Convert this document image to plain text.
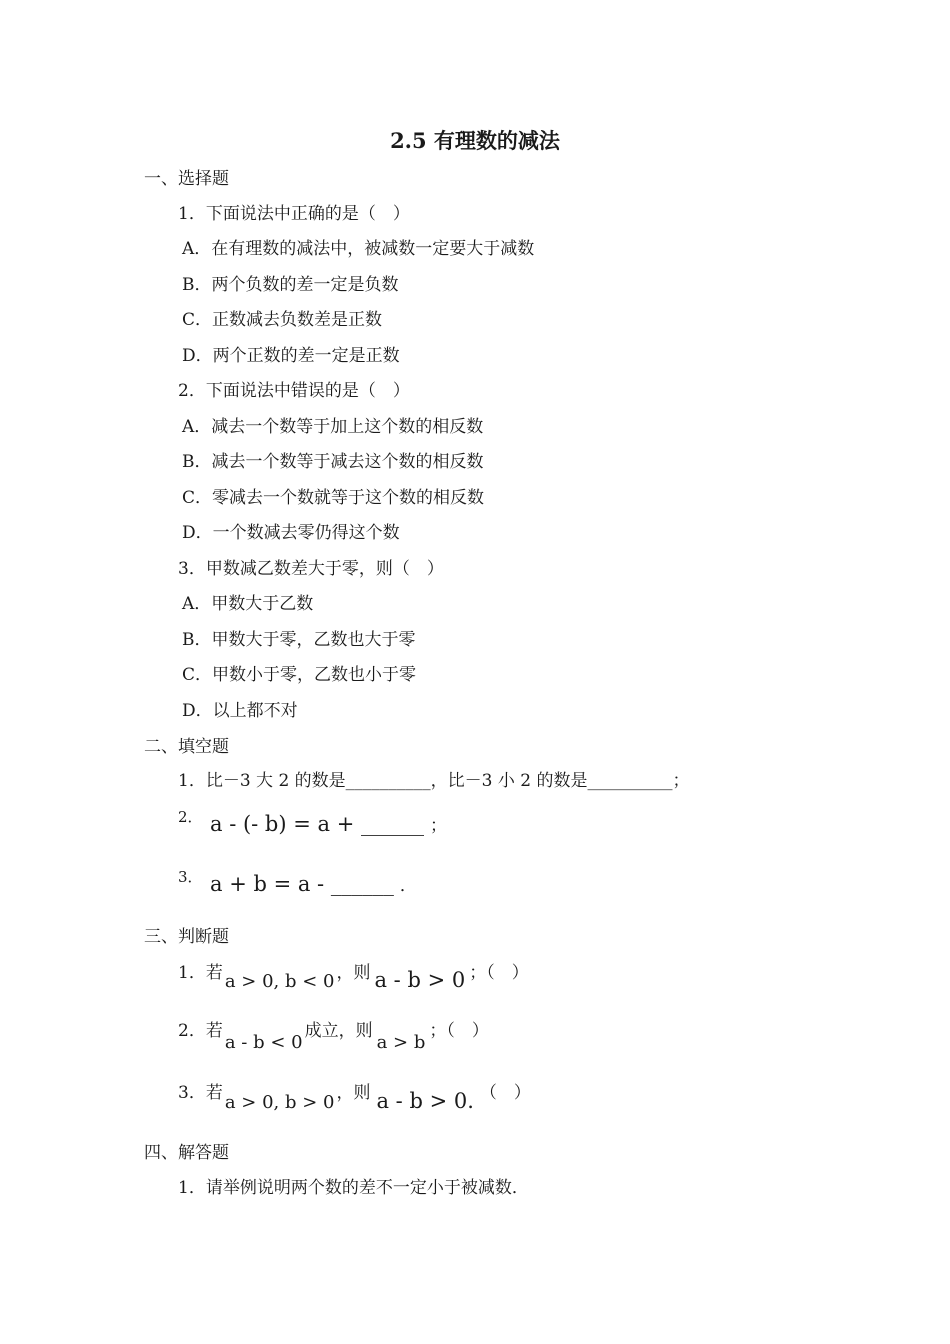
2.5 有理数的减法
一、选择题
1．下面说法中正确的是（　）
A．在有理数的减法中，被减数一定要大于减数
B．两个负数的差一定是负数
C．正数减去负数差是正数
D．两个正数的差一定是正数
2．下面说法中错误的是（　）
A．减去一个数等于加上这个数的相反数
B．减去一个数等于减去这个数的相反数
C．零减去一个数就等于这个数的相反数
D．一个数减去零仍得这个数
3．甲数减乙数差大于零，则（　）
A．甲数大于乙数
B．甲数大于零，乙数也大于零
C．甲数小于零，乙数也小于零
D．以上都不对
二、填空题
1．比－3 大 2 的数是__________，比－3 小 2 的数是__________；
2． a - (- b) = a + ______ ；
3． a + b = a - ______ ．
三、判断题
1．若 a > 0, b < 0 ，则 a - b > 0 ；（　）
2．若a - b < 0成立，则a > b；（　）
3．若 a > 0, b > 0 ，则 a - b > 0. （　）
四、解答题
1．请举例说明两个数的差不一定小于被减数．
